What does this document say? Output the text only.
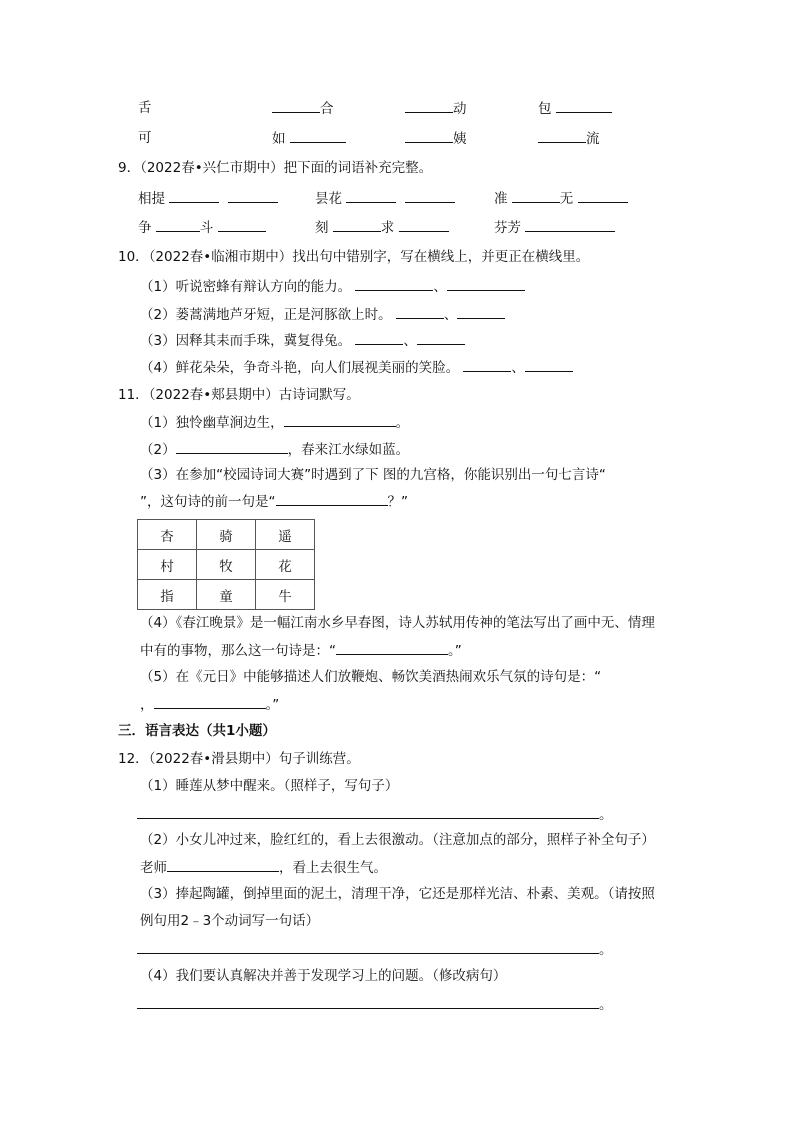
舌	合	动	包
可	如	姨	流
9．（2022春•兴仁市期中）把下面的词语补充完整。
相提	昙花	准	无
争	斗	刻	求	芬芳
10．（2022春•临湘市期中）找出句中错别字，写在横线上，并更正在横线里。
（1）听说密蜂有辩认方向的能力。	、
（2）蒌蒿满地芦牙短，正是河豚欲上时。	、
（3）因释其耒而手珠，冀复得兔。	、
（4）鲜花朵朵，争奇斗艳，向人们展视美丽的笑脸。	、
11．（2022春•郏县期中）古诗词默写。
（1）独怜幽草涧边生，	。
（2）	，春来江水绿如蓝。
（3）在参加“校园诗词大赛”时遇到了下 图的九宫格，你能识别出一句七言诗“
”，这句诗的前一句是“	？”
杏	骑	遥
村	牧	花
指	童	牛
（4）《春江晚景》是一幅江南水乡早春图，诗人苏轼用传神的笔法写出了画中无、情理
中有的事物，那么这一句诗是：“	。”
（5）在《元日》中能够描述人们放鞭炮、畅饮美酒热闹欢乐气氛的诗句是：“
，	。”
三．语言表达（共1小题）
12．（2022春•滑县期中）句子训练营。
（1）睡莲从梦中醒来。（照样子，写句子）
。
（2）小女儿冲过来，脸红红的，看上去很激动。（注意加点的部分，照样子补全句子）
老师	，看上去很生气。
（3）捧起陶罐，倒掉里面的泥土，清理干净，它还是那样光洁、朴素、美观。（请按照
例句用2﹣3个动词写一句话）
。
（4）我们要认真解决并善于发现学习上的问题。（修改病句）
。
